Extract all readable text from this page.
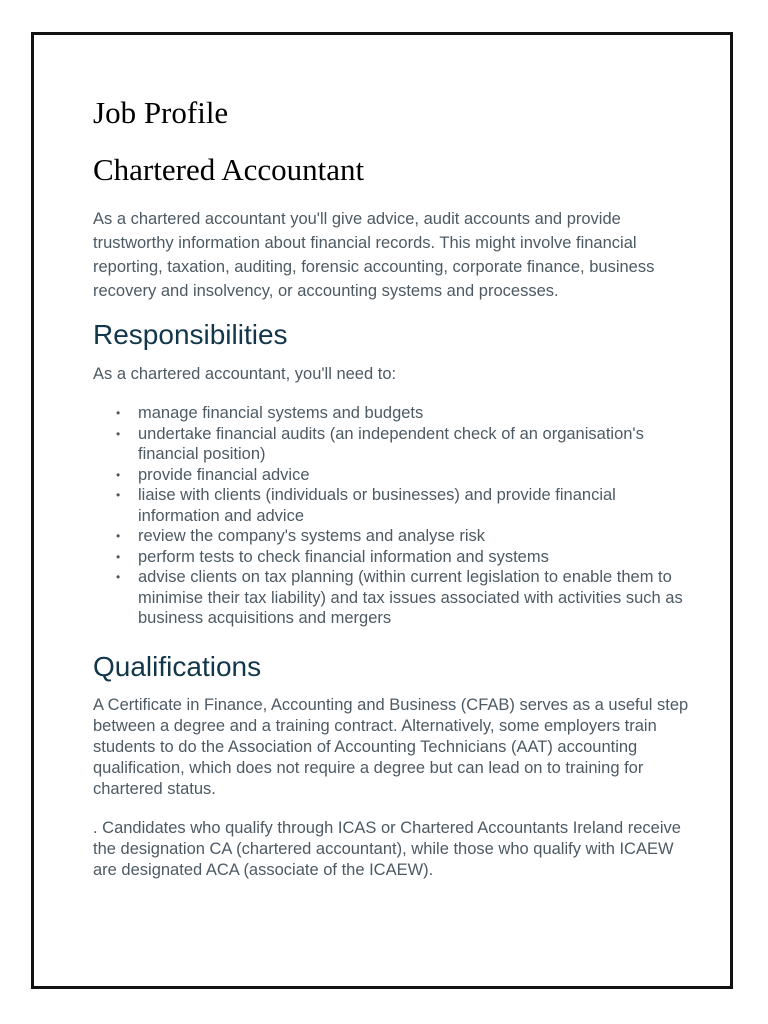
Job Profile
Chartered Accountant

As a chartered accountant you'll give advice, audit accounts and provide trustworthy information about financial records. This might involve financial reporting, taxation, auditing, forensic accounting, corporate finance, business recovery and insolvency, or accounting systems and processes.

Responsibilities

As a chartered accountant, you'll need to:

• manage financial systems and budgets
• undertake financial audits (an independent check of an organisation's financial position)
• provide financial advice
• liaise with clients (individuals or businesses) and provide financial information and advice
• review the company's systems and analyse risk
• perform tests to check financial information and systems
• advise clients on tax planning (within current legislation to enable them to minimise their tax liability) and tax issues associated with activities such as business acquisitions and mergers
Qualifications

A Certificate in Finance, Accounting and Business (CFAB) serves as a useful step between a degree and a training contract. Alternatively, some employers train students to do the Association of Accounting Technicians (AAT) accounting qualification, which does not require a degree but can lead on to training for chartered status.

. Candidates who qualify through ICAS or Chartered Accountants Ireland receive the designation CA (chartered accountant), while those who qualify with ICAEW are designated ACA (associate of the ICAEW).
